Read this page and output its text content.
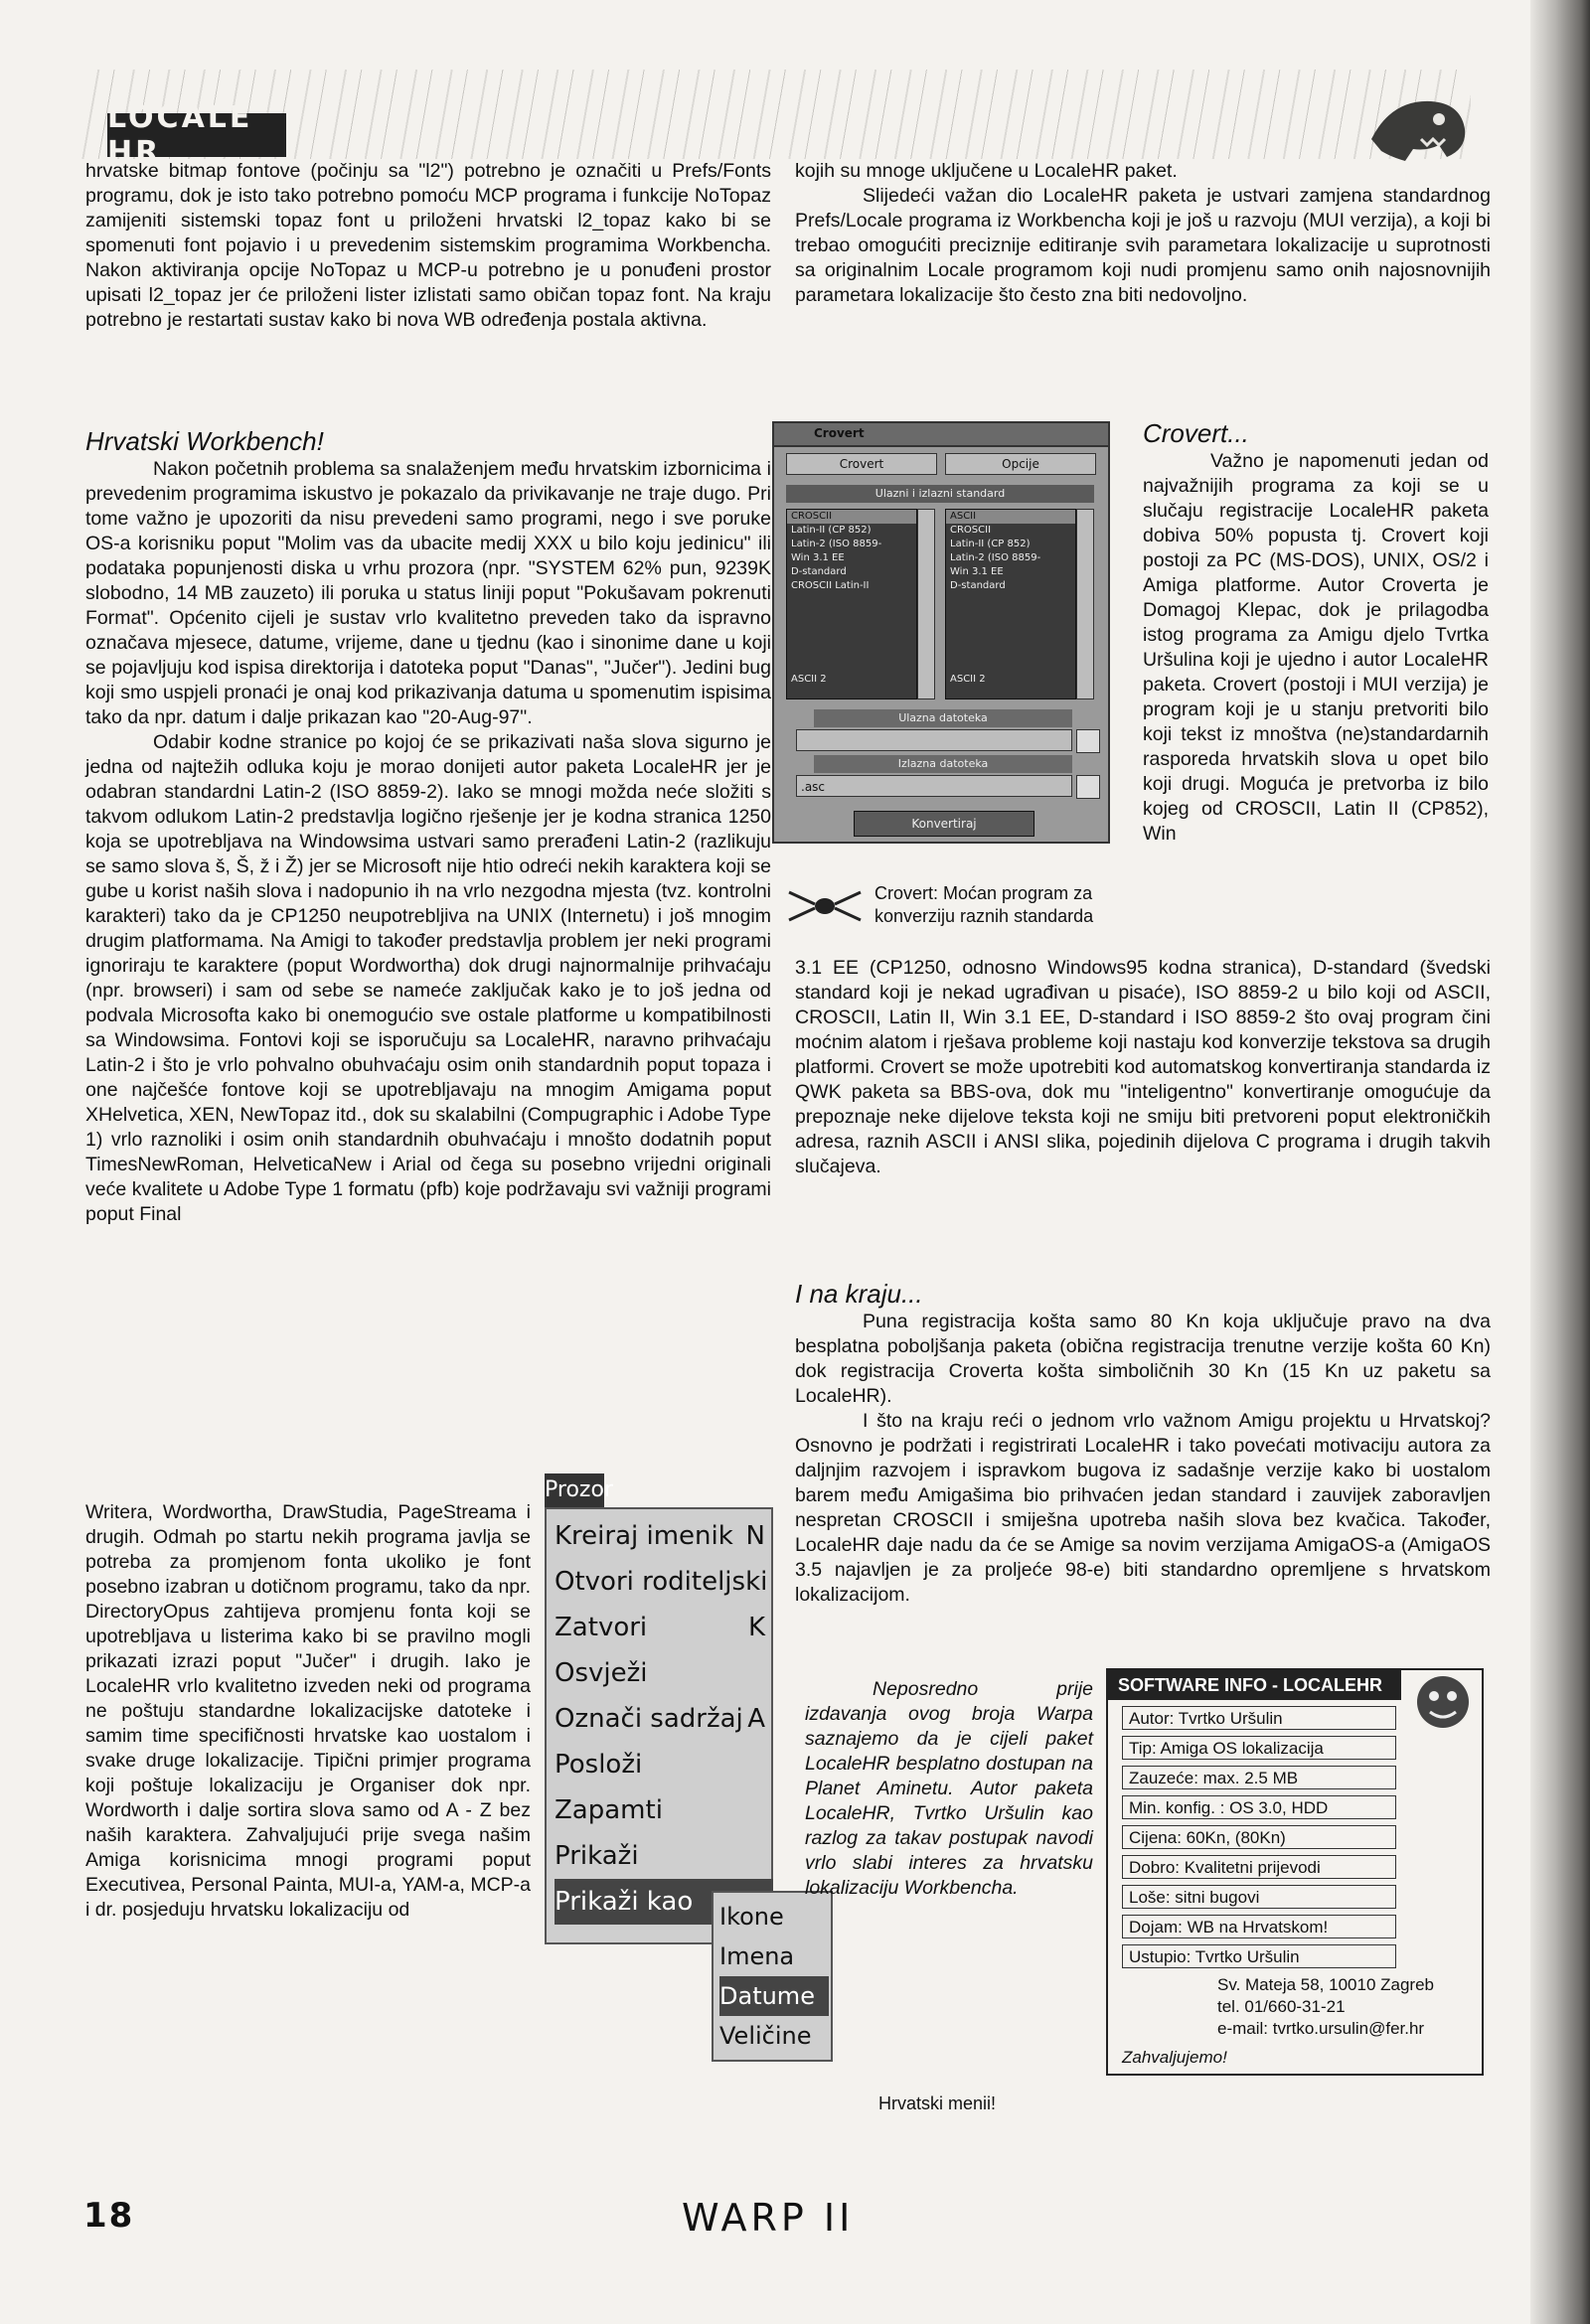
LOCALE HR

hrvatske bitmap fontove (počinju sa "l2") potrebno je označiti u Prefs/Fonts programu, dok je isto tako potrebno pomoću MCP programa i funkcije NoTopaz zamijeniti sistemski topaz font u priloženi hrvatski l2_topaz kako bi se spomenuti font pojavio i u prevedenim sistemskim programima Workbencha. Nakon aktiviranja opcije NoTopaz u MCP-u potrebno je u ponuđeni prostor upisati l2_topaz jer će priloženi lister izlistati samo običan topaz font. Na kraju potrebno je restartati sustav kako bi nova WB određenja postala aktivna.

Hrvatski Workbench!

Nakon početnih problema sa snalaženjem među hrvatskim izbornicima i prevedenim programima iskustvo je pokazalo da privikavanje ne traje dugo. Pri tome važno je upozoriti da nisu prevedeni samo programi, nego i sve poruke OS-a korisniku poput "Molim vas da ubacite medij XXX u bilo koju jedinicu" ili podataka popunjenosti diska u vrhu prozora (npr. "SYSTEM 62% pun, 9239K slobodno, 14 MB zauzeto) ili poruka u status liniji poput "Pokušavam pokrenuti Format". Općenito cijeli je sustav vrlo kvalitetno preveden tako da ispravno označava mjesece, datume, vrijeme, dane u tjednu (kao i sinonime dane u koji se pojavljuju kod ispisa direktorija i datoteka poput "Danas", "Jučer"). Jedini bug koji smo uspjeli pronaći je onaj kod prikazivanja datuma u spomenutim ispisima tako da npr. datum i dalje prikazan kao "20-Aug-97".

Odabir kodne stranice po kojoj će se prikazivati naša slova sigurno je jedna od najtežih odluka koju je morao donijeti autor paketa LocaleHR jer je odabran standardni Latin-2 (ISO 8859-2). Iako se mnogi možda neće složiti s takvom odlukom Latin-2 predstavlja logično rješenje jer je kodna stranica 1250 koja se upotrebljava na Windowsima ustvari samo prerađeni Latin-2 (razlikuju se samo slova š, Š, ž i Ž) jer se Microsoft nije htio odreći nekih karaktera koji se gube u korist naših slova i nadopunio ih na vrlo nezgodna mjesta (tvz. kontrolni karakteri) tako da je CP1250 neupotrebljiva na UNIX (Internetu) i još mnogim drugim platformama. Na Amigi to također predstavlja problem jer neki programi ignoriraju te karaktere (poput Wordwortha) dok drugi najnormalnije prihvaćaju (npr. browseri) i sam od sebe se nameće zaključak kako je to još jedna od podvala Microsofta kako bi onemogućio sve ostale platforme u kompatibilnosti sa Windowsima. Fontovi koji se isporučuju sa LocaleHR, naravno prihvaćaju Latin-2 i što je vrlo pohvalno obuhvaćaju osim onih standardnih poput topaza i one najčešće fontove koji se upotrebljavaju na mnogim Amigama poput XHelvetica, XEN, NewTopaz itd., dok su skalabilni (Compugraphic i Adobe Type 1) vrlo raznoliki i osim onih standardnih obuhvaćaju i mnošto dodatnih poput TimesNewRoman, HelveticaNew i Arial od čega su posebno vrijedni originali veće kvalitete u Adobe Type 1 formatu (pfb) koje podržavaju svi važniji programi poput Final

Writera, Wordwortha, DrawStudia, PageStreama i drugih. Odmah po startu nekih programa javlja se potreba za promjenom fonta ukoliko je font posebno izabran u dotičnom programu, tako da npr. DirectoryOpus zahtijeva promjenu fonta koji se upotrebljava u listerima kako bi se pravilno mogli prikazati izrazi poput "Jučer" i drugih. Iako je LocaleHR vrlo kvalitetno izveden neki od programa ne poštuju standardne lokalizacijske datoteke i samim time specifičnosti hrvatske kao uostalom i svake druge lokalizacije. Tipični primjer programa koji poštuje lokalizaciju je Organiser dok npr. Wordworth i dalje sortira slova samo od A - Z bez naših karaktera. Zahvaljujući prije svega našim Amiga korisnicima mnogi programi poput Executivea, Personal Painta, MUI-a, YAM-a, MCP-a i dr. posjeduju hrvatsku lokalizaciju od

Prozor
Kreiraj imenik N
Otvori roditeljski
Zatvori	K
Osvježi
Označi sadržaj A
Posloži
Zapamti
Prikaži
Prikaži kao	Ikone
Imena
Datume
Veličine
Hrvatski menii!

kojih su mnoge uključene u LocaleHR paket.

Slijedeći važan dio LocaleHR paketa je ustvari zamjena standardnog Prefs/Locale programa iz Workbencha koji je još u razvoju (MUI verzija), a koji bi trebao omogućiti preciznije editiranje svih parametara lokalizacije u suprotnosti sa originalnim Locale programom koji nudi promjenu samo onih najosnovnijih parametara lokalizacije što često zna biti nedovoljno.

Crovert
Crovert	Opcije
Ulazni i izlazni standard
CROSCII
Latin-II (CP 852)
Latin-2 (ISO 8859-
Win 3.1 EE
D-standard
CROSCII Latin-II
ASCII 2
ASCII
CROSCII
Latin-II (CP 852)
Latin-2 (ISO 8859-
Win 3.1 EE
D-standard
ASCII 2
Ulazna datoteka
Izlazna datoteka
.asc
Konvertiraj
Crovert: Moćan program za konverziju raznih standarda

Crovert...

Važno je napomenuti jedan od najvažnijih programa za koji se u slučaju registracije LocaleHR paketa dobiva 50% popusta tj. Crovert koji postoji za PC (MS-DOS), UNIX, OS/2 i Amiga platforme. Autor Croverta je Domagoj Klepac, dok je prilagodba istog programa za Amigu djelo Tvrtka Uršulina koji je ujedno i autor LocaleHR paketa. Crovert (postoji i MUI verzija) je program koji je u stanju pretvoriti bilo koji tekst iz mnoštva (ne)standardarnih rasporeda hrvatskih slova u opet bilo koji drugi. Moguća je pretvorba iz bilo kojeg od CROSCII, Latin II (CP852), Win

3.1 EE (CP1250, odnosno Windows95 kodna stranica), D-standard (švedski standard koji je nekad ugrađivan u pisaće), ISO 8859-2 u bilo koji od ASCII, CROSCII, Latin II, Win 3.1 EE, D-standard i ISO 8859-2 što ovaj program čini moćnim alatom i rješava probleme koji nastaju kod konverzije tekstova sa drugih platformi. Crovert se može upotrebiti kod automatskog konvertiranja standarda iz QWK paketa sa BBS-ova, dok mu "inteligentno" konvertiranje omogućuje da prepoznaje neke dijelove teksta koji ne smiju biti pretvoreni poput elektroničkih adresa, raznih ASCII i ANSI slika, pojedinih dijelova C programa i drugih takvih slučajeva.

I na kraju...

Puna registracija košta samo 80 Kn koja uključuje pravo na dva besplatna poboljšanja paketa (obična registracija trenutne verzije košta 60 Kn) dok registracija Croverta košta simboličnih 30 Kn (15 Kn uz paketu sa LocaleHR).

I što na kraju reći o jednom vrlo važnom Amigu projektu u Hrvatskoj? Osnovno je podržati i registrirati LocaleHR i tako povećati motivaciju autora za daljnjim razvojem i ispravkom bugova iz sadašnje verzije kako bi uostalom barem među Amigašima bio prihvaćen jedan standard i zauvijek zaboravljen nespretan CROSCII i smiješna upotreba naših slova bez kvačica. Također, LocaleHR daje nadu da će se Amige sa novim verzijama AmigaOS-a (AmigaOS 3.5 najavljen je za proljeće 98-e) biti standardno opremljene s hrvatskom lokalizacijom.

Neposredno prije izdavanja ovog broja Warpa saznajemo da je cijeli paket LocaleHR besplatno dostupan na Planet Aminetu. Autor paketa LocaleHR, Tvrtko Uršulin kao razlog za takav postupak navodi vrlo slabi interes za hrvatsku lokalizaciju Workbencha.

SOFTWARE INFO - LOCALEHR
Autor: Tvrtko Uršulin
Tip: Amiga OS lokalizacija
Zauzeće: max. 2.5 MB
Min. konfig. : OS 3.0, HDD
Cijena: 60Kn, (80Kn)
Dobro: Kvalitetni prijevodi
Loše: sitni bugovi
Dojam: WB na Hrvatskom!
Ustupio: Tvrtko Uršulin
Sv. Mateja 58, 10010 Zagreb
tel. 01/660-31-21
e-mail: tvrtko.ursulin@fer.hr
Zahvaljujemo!
18	WARP II
